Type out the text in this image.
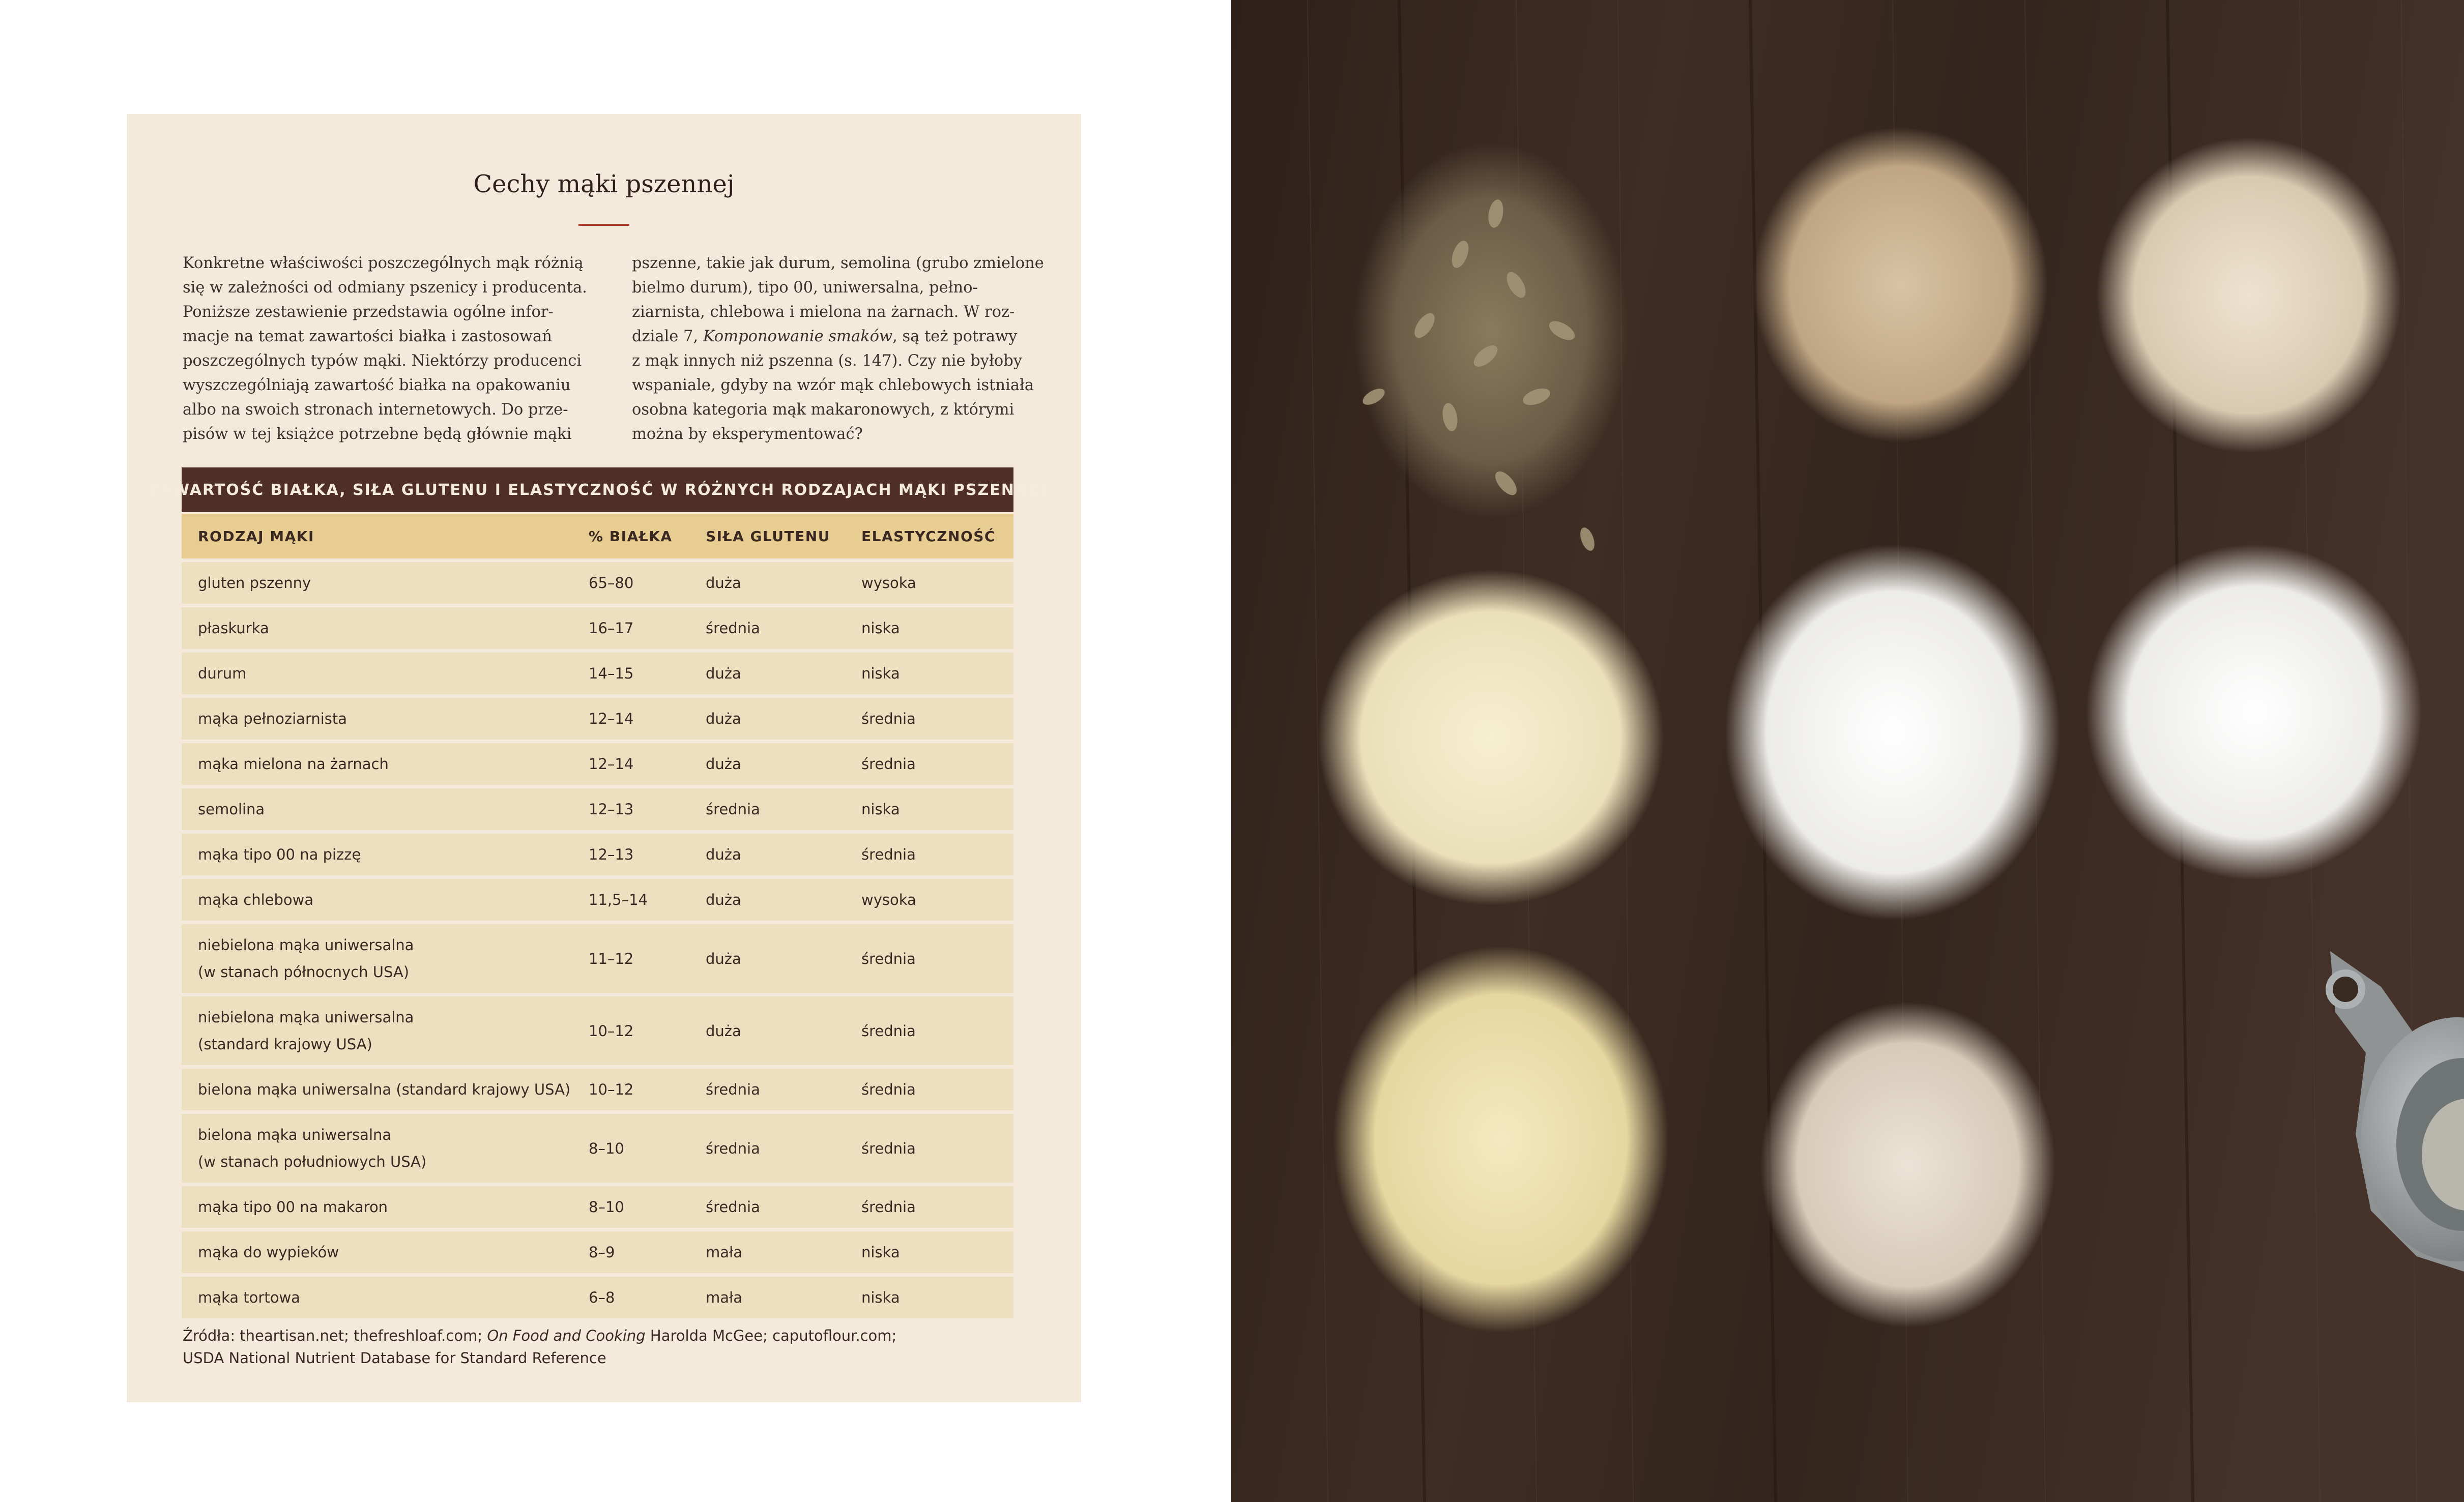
Cechy mąki pszennej
Konkretne właściwości poszczególnych mąk różnią
się w zależności od odmiany pszenicy i producenta.
Poniższe zestawienie przedstawia ogólne infor-
macje na temat zawartości białka i zastosowań
poszczególnych typów mąki. Niektórzy producenci
wyszczególniają zawartość białka na opakowaniu
albo na swoich stronach internetowych. Do prze-
pisów w tej książce potrzebne będą głównie mąki
pszenne, takie jak durum, semolina (grubo zmielone
bielmo durum), tipo 00, uniwersalna, pełno-
ziarnista, chlebowa i mielona na żarnach. W roz-
dziale 7, Komponowanie smaków, są też potrawy
z mąk innych niż pszenna (s. 147). Czy nie byłoby
wspaniale, gdyby na wzór mąk chlebowych istniała
osobna kategoria mąk makaronowych, z którymi
można by eksperymentować?
ZAWARTOŚĆ BIAŁKA, SIŁA GLUTENU I ELASTYCZNOŚĆ W RÓŻNYCH RODZAJACH MĄKI PSZENNEJ
RODZAJ MĄKI	% BIAŁKA	SIŁA GLUTENU	ELASTYCZNOŚĆ
gluten pszenny	65–80	duża	wysoka
płaskurka	16–17	średnia	niska
durum	14–15	duża	niska
mąka pełnoziarnista	12–14	duża	średnia
mąka mielona na żarnach	12–14	duża	średnia
semolina	12–13	średnia	niska
mąka tipo 00 na pizzę	12–13	duża	średnia
mąka chlebowa	11,5–14	duża	wysoka
niebielona mąka uniwersalna
(w stanach północnych USA)
11–12	duża	średnia
niebielona mąka uniwersalna
(standard krajowy USA)
10–12	duża	średnia
bielona mąka uniwersalna (standard krajowy USA) 10–12	średnia	średnia
bielona mąka uniwersalna
(w stanach południowych USA)
8–10	średnia	średnia
mąka tipo 00 na makaron	8–10	średnia	średnia
mąka do wypieków	8–9	mała	niska
mąka tortowa	6–8	mała	niska
Źródła: theartisan.net; thefreshloaf.com; On Food and Cooking Harolda McGee; caputoflour.com;
USDA National Nutrient Database for Standard Reference
